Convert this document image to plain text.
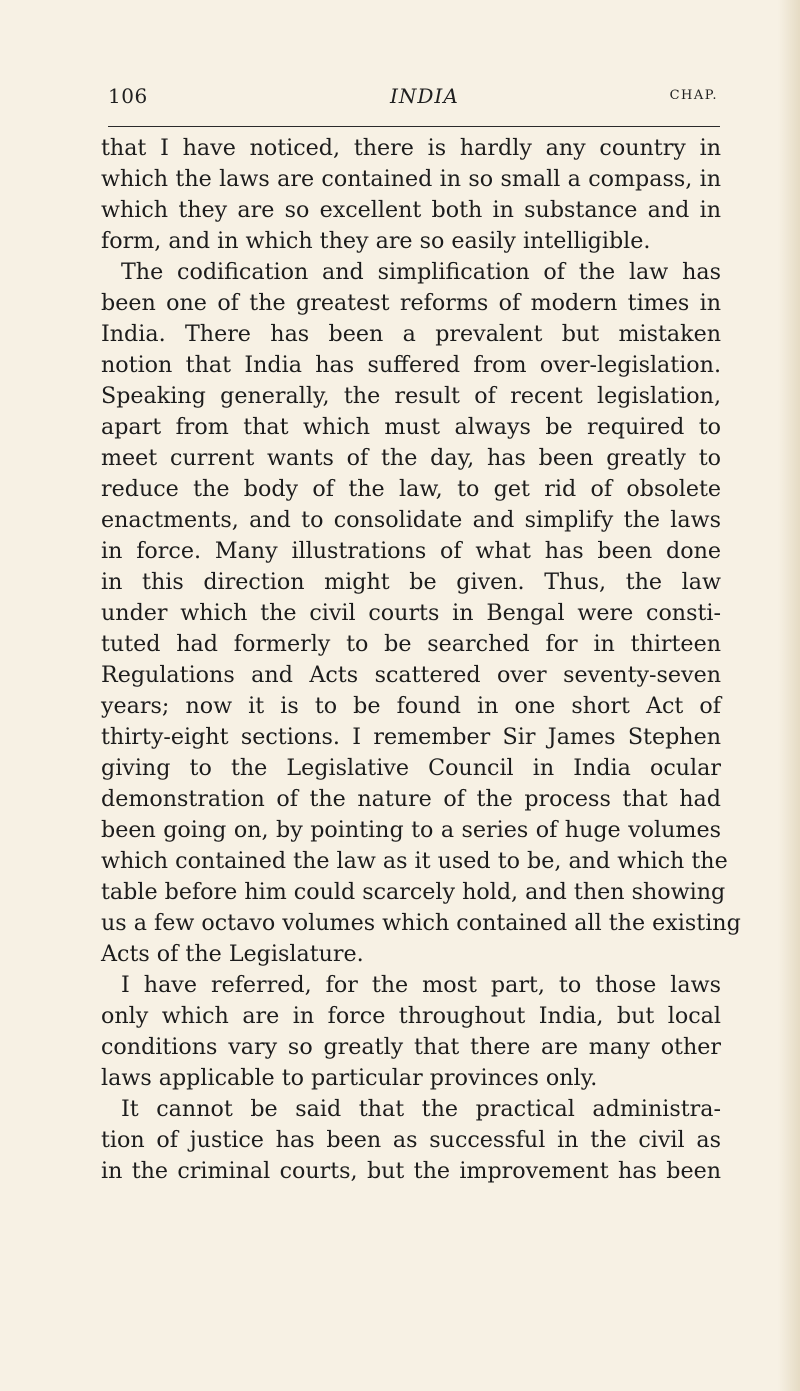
106	INDIA	CHAP.
that I have noticed, there is hardly any country in
which the laws are contained in so small a compass, in
which they are so excellent both in substance and in
form, and in which they are so easily intelligible.
The codification and simplification of the law has
been one of the greatest reforms of modern times in
India. There has been a prevalent but mistaken
notion that India has suffered from over-legislation.
Speaking generally, the result of recent legislation,
apart from that which must always be required to
meet current wants of the day, has been greatly to
reduce the body of the law, to get rid of obsolete
enactments, and to consolidate and simplify the laws
in force. Many illustrations of what has been done
in this direction might be given. Thus, the law
under which the civil courts in Bengal were consti-
tuted had formerly to be searched for in thirteen
Regulations and Acts scattered over seventy-seven
years; now it is to be found in one short Act of
thirty-eight sections. I remember Sir James Stephen
giving to the Legislative Council in India ocular
demonstration of the nature of the process that had
been going on, by pointing to a series of huge volumes
which contained the law as it used to be, and which the
table before him could scarcely hold, and then showing
us a few octavo volumes which contained all the existing
Acts of the Legislature.
I have referred, for the most part, to those laws
only which are in force throughout India, but local
conditions vary so greatly that there are many other
laws applicable to particular provinces only.
It cannot be said that the practical administra-
tion of justice has been as successful in the civil as
in the criminal courts, but the improvement has been
